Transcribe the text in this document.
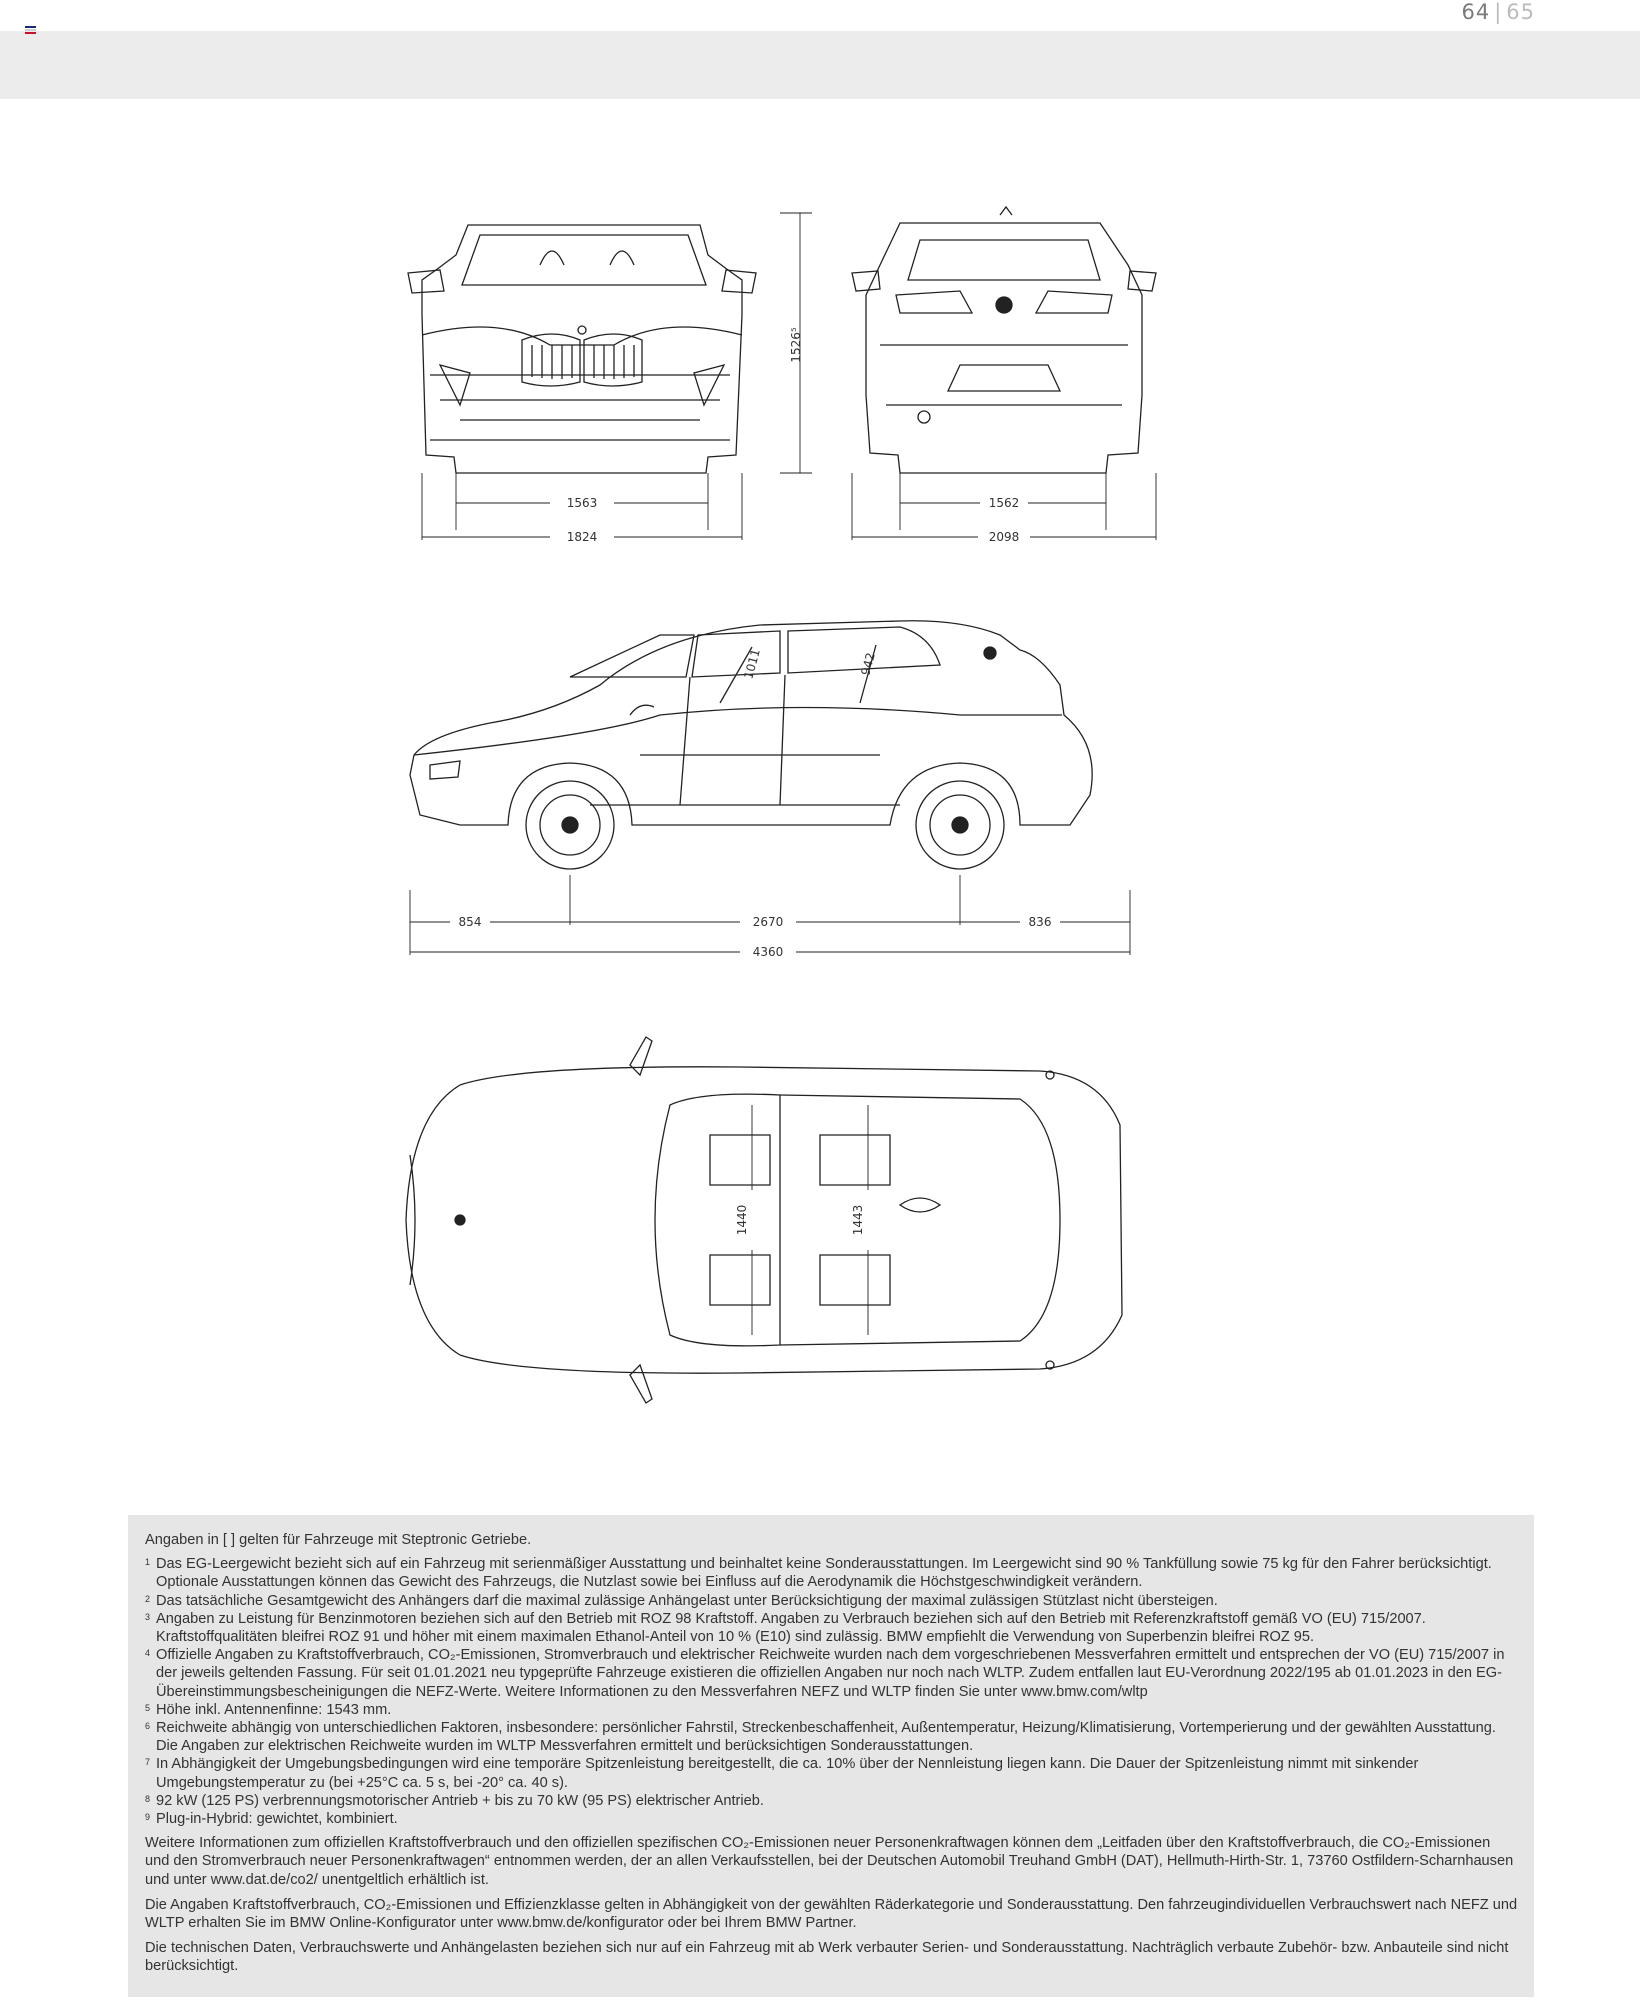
64 | 65
1526⁵
1563
1824
1562
2098
1011	942
854	2670	836
4360
1440	1443

Angaben in [ ] gelten für Fahrzeuge mit Steptronic Getriebe.

1 Das EG-Leergewicht bezieht sich auf ein Fahrzeug mit serienmäßiger Ausstattung und beinhaltet keine Sonderausstattungen. Im Leergewicht sind 90 % Tankfüllung sowie 75 kg für den Fahrer berücksichtigt. Optionale Ausstattungen können das Gewicht des Fahrzeugs, die Nutzlast sowie bei Einfluss auf die Aerodynamik die Höchstgeschwindigkeit verändern.
2 Das tatsächliche Gesamtgewicht des Anhängers darf die maximal zulässige Anhängelast unter Berücksichtigung der maximal zulässigen Stützlast nicht übersteigen.
3 Angaben zu Leistung für Benzinmotoren beziehen sich auf den Betrieb mit ROZ 98 Kraftstoff. Angaben zu Verbrauch beziehen sich auf den Betrieb mit Referenzkraftstoff gemäß VO (EU) 715/2007. Kraftstoffqualitäten bleifrei ROZ 91 und höher mit einem maximalen Ethanol-Anteil von 10 % (E10) sind zulässig. BMW empfiehlt die Verwendung von Superbenzin bleifrei ROZ 95.
4 Offizielle Angaben zu Kraftstoffverbrauch, CO₂-Emissionen, Stromverbrauch und elektrischer Reichweite wurden nach dem vorgeschriebenen Messverfahren ermittelt und entsprechen der VO (EU) 715/2007 in der jeweils geltenden Fassung. Für seit 01.01.2021 neu typgeprüfte Fahrzeuge existieren die offiziellen Angaben nur noch nach WLTP. Zudem entfallen laut EU-Verordnung 2022/195 ab 01.01.2023 in den EG-Übereinstimmungsbescheinigungen die NEFZ-Werte. Weitere Informationen zu den Messverfahren NEFZ und WLTP finden Sie unter www.bmw.com/wltp
5 Höhe inkl. Antennenfinne: 1543 mm.
6 Reichweite abhängig von unterschiedlichen Faktoren, insbesondere: persönlicher Fahrstil, Streckenbeschaffenheit, Außentemperatur, Heizung/Klimatisierung, Vortemperierung und der gewählten Ausstattung. Die Angaben zur elektrischen Reichweite wurden im WLTP Messverfahren ermittelt und berücksichtigen Sonderausstattungen.
7 In Abhängigkeit der Umgebungsbedingungen wird eine temporäre Spitzenleistung bereitgestellt, die ca. 10% über der Nennleistung liegen kann. Die Dauer der Spitzenleistung nimmt mit sinkender Umgebungstemperatur zu (bei +25°C ca. 5 s, bei -20° ca. 40 s).
8 92 kW (125 PS) verbrennungsmotorischer Antrieb + bis zu 70 kW (95 PS) elektrischer Antrieb.
9 Plug-in-Hybrid: gewichtet, kombiniert.

Weitere Informationen zum offiziellen Kraftstoffverbrauch und den offiziellen spezifischen CO₂-Emissionen neuer Personenkraftwagen können dem „Leitfaden über den Kraftstoffverbrauch, die CO₂-Emissionen und den Stromverbrauch neuer Personenkraftwagen“ entnommen werden, der an allen Verkaufsstellen, bei der Deutschen Automobil Treuhand GmbH (DAT), Hellmuth-Hirth-Str. 1, 73760 Ostfildern-Scharnhausen und unter www.dat.de/co2/ unentgeltlich erhältlich ist.

Die Angaben Kraftstoffverbrauch, CO₂-Emissionen und Effizienzklasse gelten in Abhängigkeit von der gewählten Räderkategorie und Sonderausstattung. Den fahrzeugindividuellen Verbrauchswert nach NEFZ und WLTP erhalten Sie im BMW Online-Konfigurator unter www.bmw.de/konfigurator oder bei Ihrem BMW Partner.

Die technischen Daten, Verbrauchswerte und Anhängelasten beziehen sich nur auf ein Fahrzeug mit ab Werk verbauter Serien- und Sonderausstattung. Nachträglich verbaute Zubehör- bzw. Anbauteile sind nicht berücksichtigt.
